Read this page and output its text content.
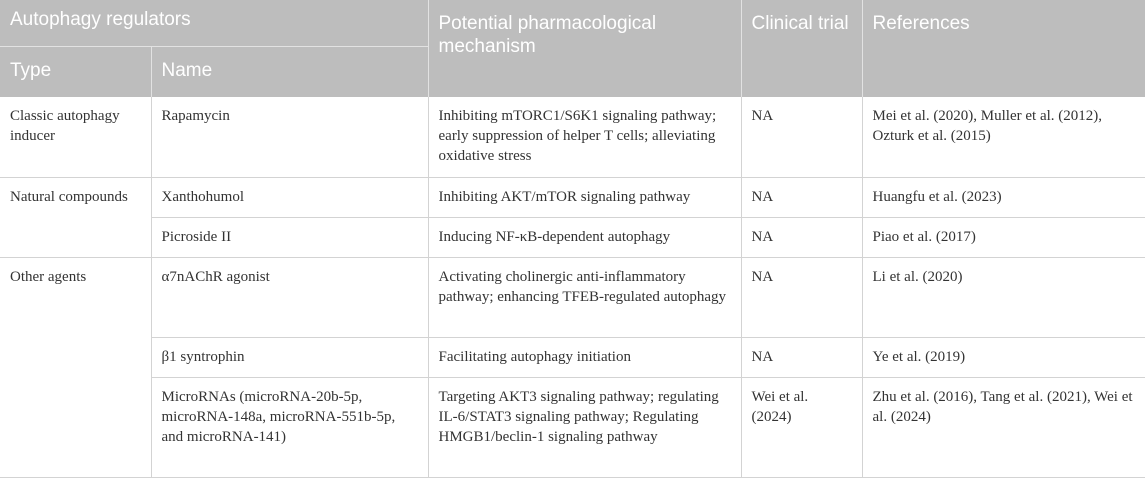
Autophagy regulators		Potential pharmacological mechanism	Clinical trial	References
Type	Name			
Classic autophagy inducer	Rapamycin	Inhibiting mTORC1/S6K1 signaling pathway; early suppression of helper T cells; alleviating oxidative stress	NA	Mei et al. (2020), Muller et al. (2012), Ozturk et al. (2015)
Natural compounds	Xanthohumol	Inhibiting AKT/mTOR signaling pathway	NA	Huangfu et al. (2023)
	Picroside II	Inducing NF-κB-dependent autophagy	NA	Piao et al. (2017)
Other agents	α7nAChR agonist	Activating cholinergic anti-inflammatory pathway; enhancing TFEB-regulated autophagy	NA	Li et al. (2020)
	β1 syntrophin	Facilitating autophagy initiation	NA	Ye et al. (2019)
	MicroRNAs (microRNA-20b-5p, microRNA-148a, microRNA-551b-5p, and microRNA-141)	Targeting AKT3 signaling pathway; regulating IL-6/STAT3 signaling pathway; Regulating HMGB1/beclin-1 signaling pathway	Wei et al. (2024)	Zhu et al. (2016), Tang et al. (2021), Wei et al. (2024)
